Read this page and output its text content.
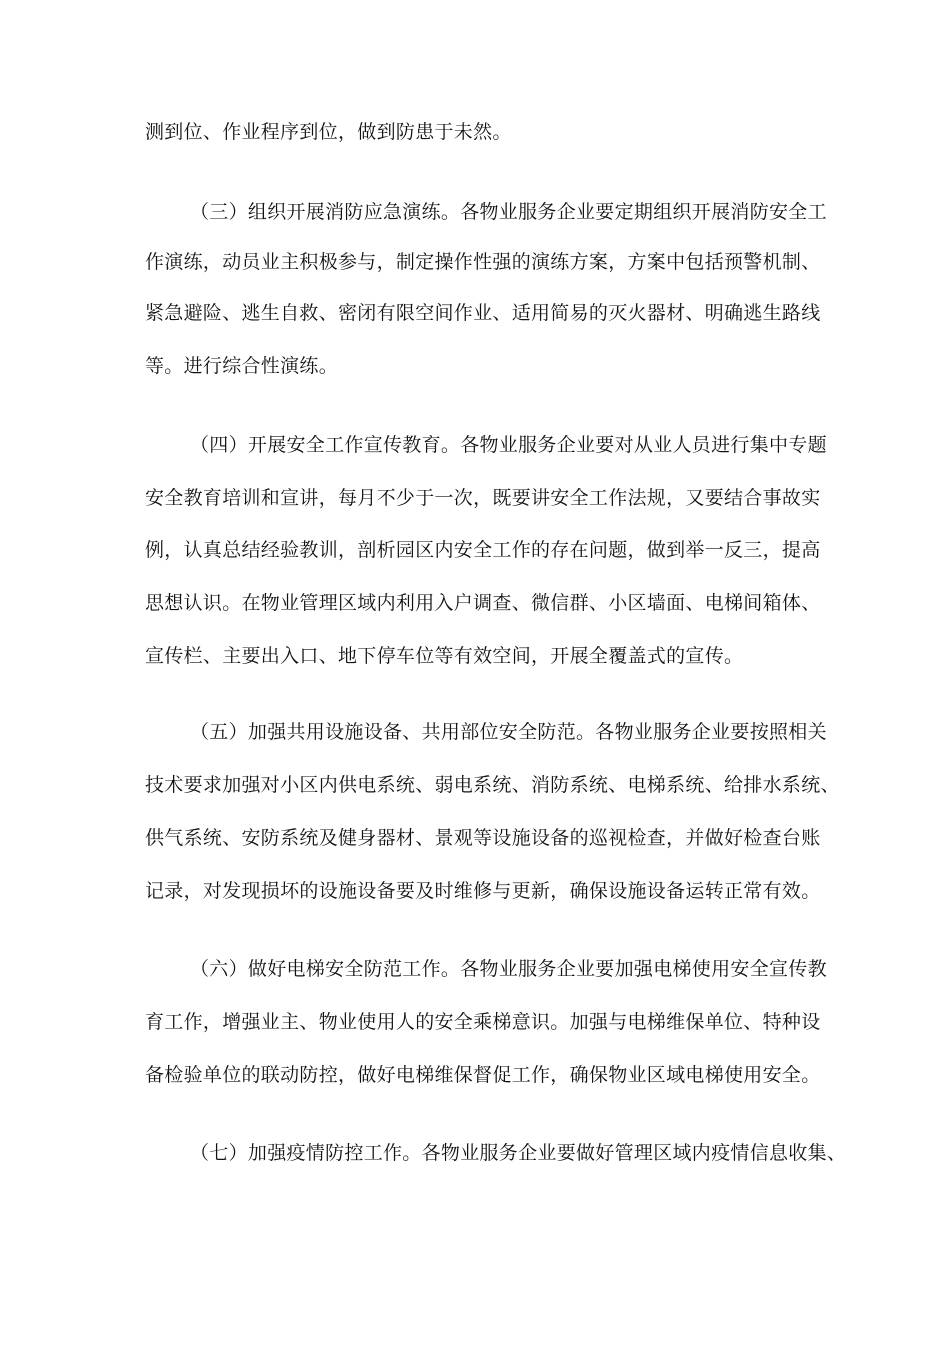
测到位、作业程序到位，做到防患于未然。
（三）组织开展消防应急演练。各物业服务企业要定期组织开展消防安全工
作演练，动员业主积极参与，制定操作性强的演练方案，方案中包括预警机制、
紧急避险、逃生自救、密闭有限空间作业、适用简易的灭火器材、明确逃生路线
等。进行综合性演练。
（四）开展安全工作宣传教育。各物业服务企业要对从业人员进行集中专题
安全教育培训和宣讲，每月不少于一次，既要讲安全工作法规，又要结合事故实
例，认真总结经验教训，剖析园区内安全工作的存在问题，做到举一反三，提高
思想认识。在物业管理区域内利用入户调查、微信群、小区墙面、电梯间箱体、
宣传栏、主要出入口、地下停车位等有效空间，开展全覆盖式的宣传。
（五）加强共用设施设备、共用部位安全防范。各物业服务企业要按照相关
技术要求加强对小区内供电系统、弱电系统、消防系统、电梯系统、给排水系统、
供气系统、安防系统及健身器材、景观等设施设备的巡视检查，并做好检查台账
记录，对发现损坏的设施设备要及时维修与更新，确保设施设备运转正常有效。
（六）做好电梯安全防范工作。各物业服务企业要加强电梯使用安全宣传教
育工作，增强业主、物业使用人的安全乘梯意识。加强与电梯维保单位、特种设
备检验单位的联动防控，做好电梯维保督促工作，确保物业区域电梯使用安全。
（七）加强疫情防控工作。各物业服务企业要做好管理区域内疫情信息收集、
